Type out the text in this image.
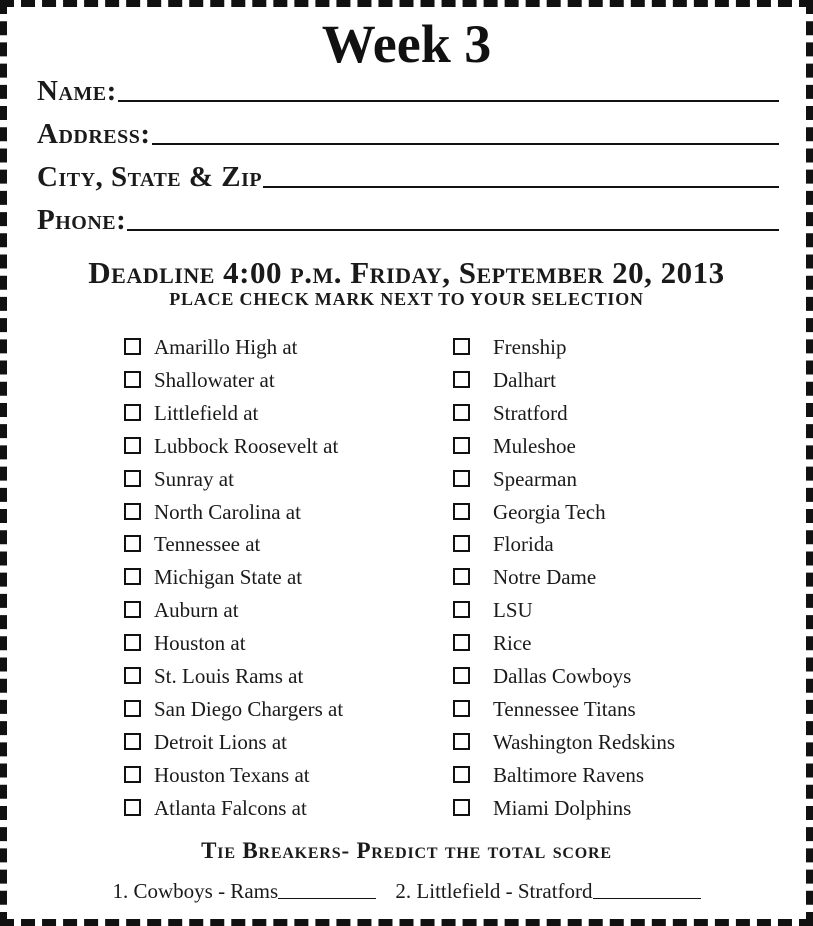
Week 3
Name:
Address:
City, State & Zip
Phone:
Deadline 4:00 p.m. Friday, September 20, 2013
PLACE CHECK MARK NEXT TO YOUR SELECTION
Amarillo High at	Frenship
Shallowater at	Dalhart
Littlefield at	Stratford
Lubbock Roosevelt at	Muleshoe
Sunray at	Spearman
North Carolina at	Georgia Tech
Tennessee at	Florida
Michigan State at	Notre Dame
Auburn at	LSU
Houston at	Rice
St. Louis Rams at	Dallas Cowboys
San Diego Chargers at	Tennessee Titans
Detroit Lions at	Washington Redskins
Houston Texans at	Baltimore Ravens
Atlanta Falcons at	Miami Dolphins
Tie Breakers- Predict the total score
1. Cowboys - Rams
	2. Littlefield - Stratford
